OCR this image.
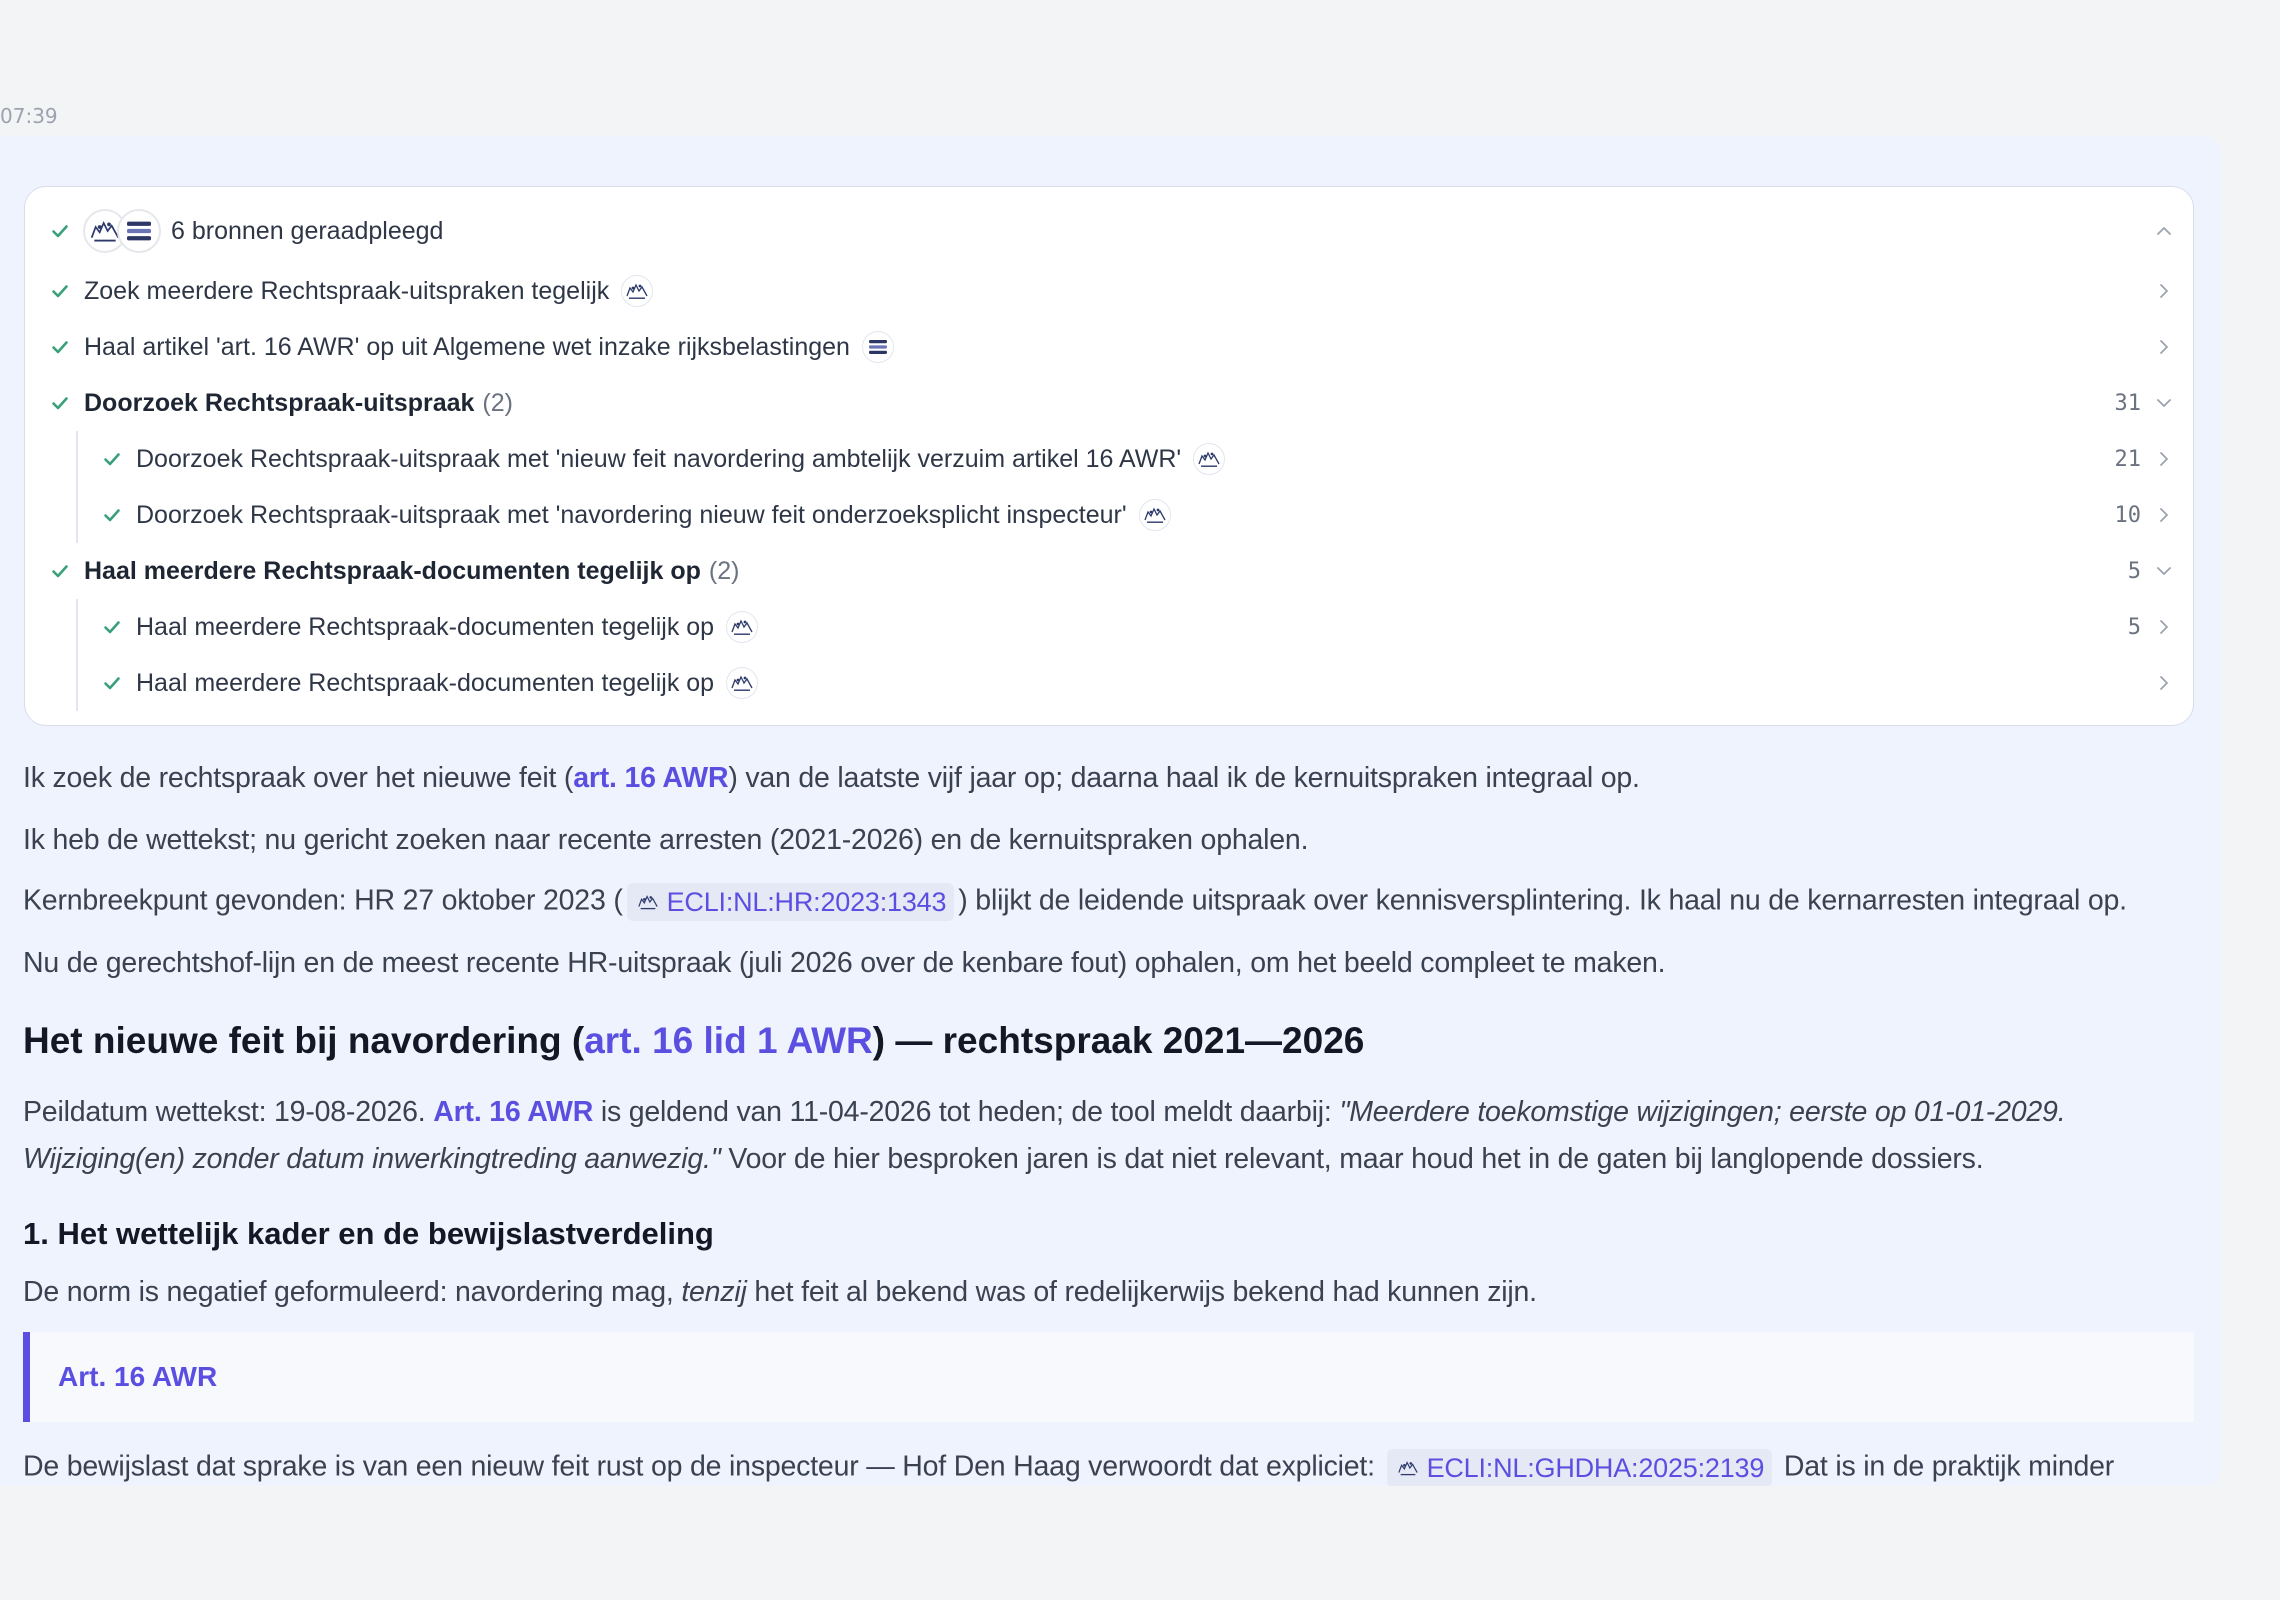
07:39
6 bronnen geraadpleegd
Zoek meerdere Rechtspraak-uitspraken tegelijk
Haal artikel 'art. 16 AWR' op uit Algemene wet inzake rijksbelastingen
Doorzoek Rechtspraak-uitspraak (2)	31
Doorzoek Rechtspraak-uitspraak met 'nieuw feit navordering ambtelijk verzuim artikel 16 AWR'	21
Doorzoek Rechtspraak-uitspraak met 'navordering nieuw feit onderzoeksplicht inspecteur'	10
Haal meerdere Rechtspraak-documenten tegelijk op (2)	5
Haal meerdere Rechtspraak-documenten tegelijk op	5
Haal meerdere Rechtspraak-documenten tegelijk op
Ik zoek de rechtspraak over het nieuwe feit (art. 16 AWR) van de laatste vijf jaar op; daarna haal ik de kernuitspraken integraal op.
Ik heb de wettekst; nu gericht zoeken naar recente arresten (2021-2026) en de kernuitspraken ophalen.
Kernbreekpunt gevonden: HR 27 oktober 2023 ( ECLI:NL:HR:2023:1343 ) blijkt de leidende uitspraak over kennisversplintering. Ik haal nu de kernarresten integraal op.
Nu de gerechtshof-lijn en de meest recente HR-uitspraak (juli 2026 over de kenbare fout) ophalen, om het beeld compleet te maken.
Het nieuwe feit bij navordering (art. 16 lid 1 AWR) — rechtspraak 2021—2026
Peildatum wettekst: 19-08-2026. Art. 16 AWR is geldend van 11-04-2026 tot heden; de tool meldt daarbij: "Meerdere toekomstige wijzigingen; eerste op 01-01-2029.
Wijziging(en) zonder datum inwerkingtreding aanwezig." Voor de hier besproken jaren is dat niet relevant, maar houd het in de gaten bij langlopende dossiers.
1. Het wettelijk kader en de bewijslastverdeling
De norm is negatief geformuleerd: navordering mag, tenzij het feit al bekend was of redelijkerwijs bekend had kunnen zijn.
Art. 16 AWR
De bewijslast dat sprake is van een nieuw feit rust op de inspecteur — Hof Den Haag verwoordt dat expliciet: ECLI:NL:GHDHA:2025:2139 Dat is in de praktijk minder
